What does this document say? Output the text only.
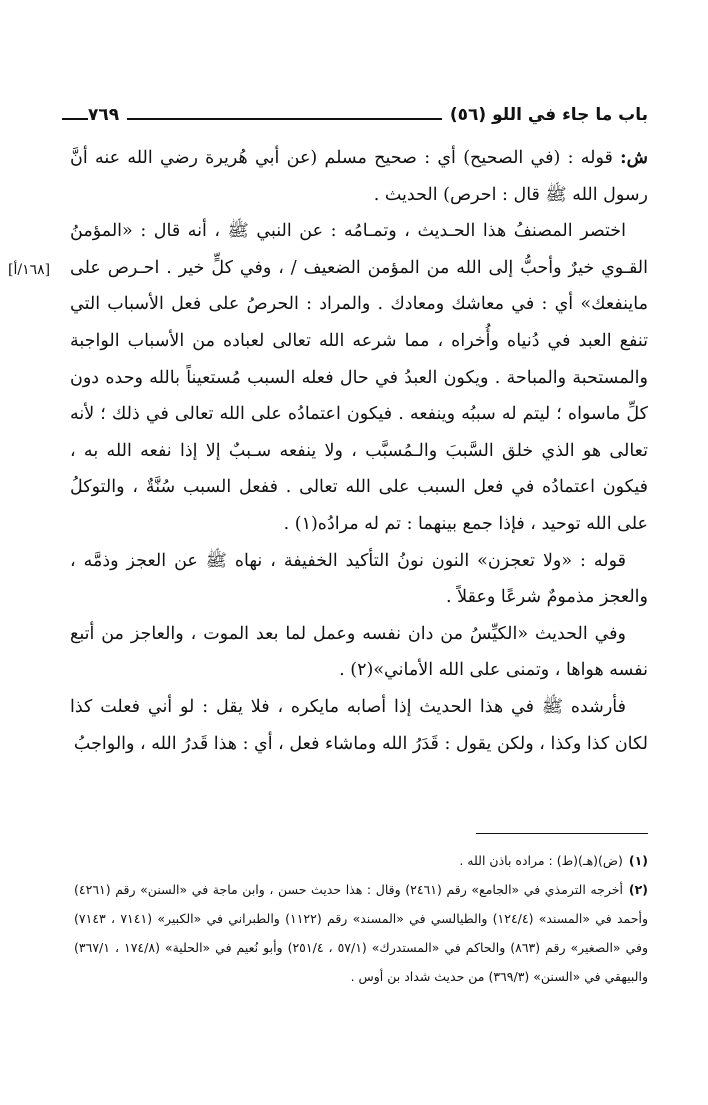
باب ما جاء في اللو (٥٦)
٧٦٩
[١٦٨/أ]

ش: قوله : (في الصحيح) أي : صحيح مسلم (عن أبي هُريرة رضي الله عنه أنَّ رسول الله ﷺ قال : احرص) الحديث .

اختصر المصنفُ هذا الحـديث ، وتمـامُه : عن النبي ﷺ ، أنه قال : «المؤمنُ القـوي خيرٌ وأحبُّ إلى الله من المؤمن الضعيف / ، وفي كلٍّ خير . احـرص على ماينفعك» أي : في معاشك ومعادك . والمراد : الحرصُ على فعل الأسباب التي تنفع العبد في دُنياه وأُخراه ، مما شرعه الله تعالى لعباده من الأسباب الواجبة والمستحبة والمباحة . ويكون العبدُ في حال فعله السبب مُستعيناً بالله وحده دون كلِّ ماسواه ؛ ليتم له سببُه وينفعه . فيكون اعتمادُه على الله تعالى في ذلك ؛ لأنه تعالى هو الذي خلق السَّببَ والـمُسبَّب ، ولا ينفعه سـببٌ إلا إذا نفعه الله به ، فيكون اعتمادُه في فعل السبب على الله تعالى . ففعل السبب سُنَّةٌ ، والتوكلُ على الله توحيد ، فإذا جمع بينهما : تم له مرادُه(١) .

قوله : «ولا تعجزن» النون نونُ التأكيد الخفيفة ، نهاه ﷺ عن العجز وذمَّه ، والعجز مذمومٌ شرعًا وعقلاً .

وفي الحديث «الكيِّسُ من دان نفسه وعمل لما بعد الموت ، والعاجز من أتبع نفسه هواها ، وتمنى على الله الأماني»(٢) .

فأرشده ﷺ في هذا الحديث إذا أصابه مايكره ، فلا يقل : لو أني فعلت كذا لكان كذا وكذا ، ولكن يقول : قَدَرُ الله وماشاء فعل ، أي : هذا قَدرُ الله ، والواجبُ

(١)(ض)(هـ)(ط) : مراده باذن الله .

(٢)أخرجه الترمذي في «الجامع» رقم (٢٤٦١) وقال : هذا حديث حسن ، وابن ماجة في «السنن» رقم (٤٢٦١) وأحمد في «المسند» (١٢٤/٤) والطيالسي في «المسند» رقم (١١٢٢) والطبراني في «الكبير» (٧١٤١ ، ٧١٤٣) وفي «الصغير» رقم (٨٦٣) والحاكم في «المستدرك» (٥٧/١ ، ٢٥١/٤) وأبو نُعيم في «الحلية» (١٧٤/٨ ، ٣٦٧/١) والبيهقي في «السنن» (٣٦٩/٣) من حديث شداد بن أوس .
